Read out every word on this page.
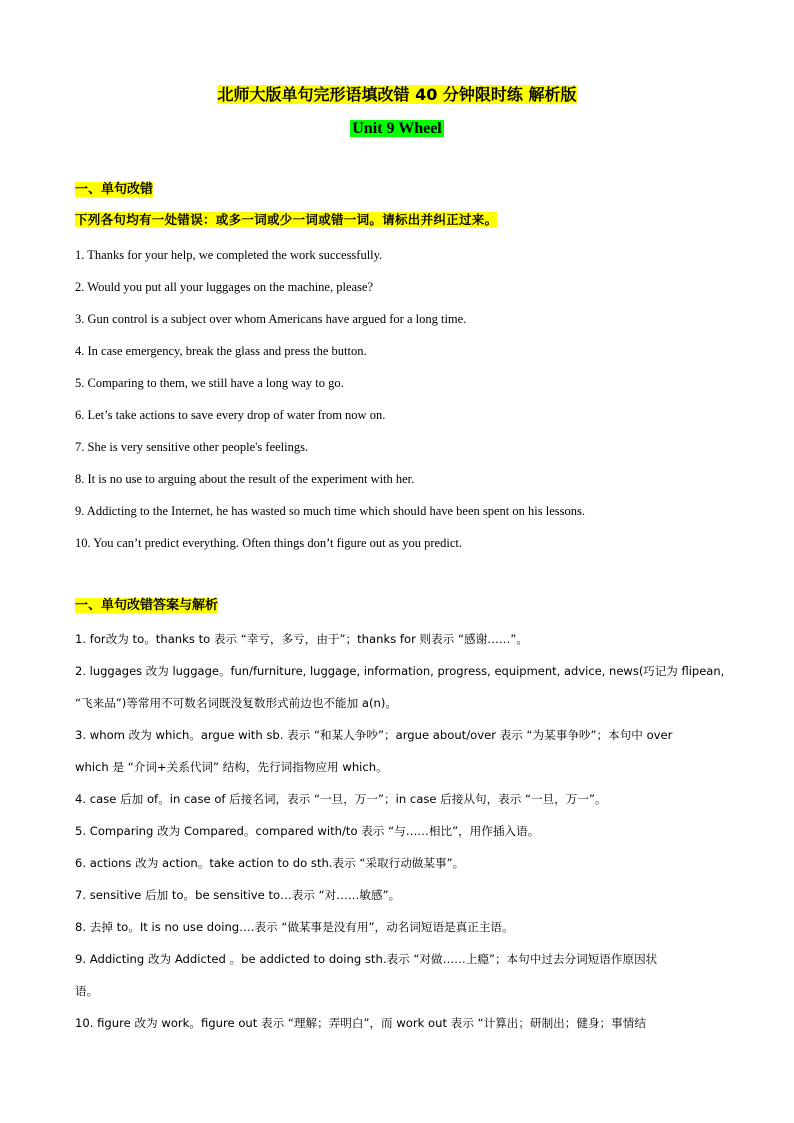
北师大版单句完形语填改错 40 分钟限时练 解析版
Unit 9 Wheel
一、单句改错
下列各句均有一处错误：或多一词或少一词或错一词。请标出并纠正过来。
1. Thanks for your help, we completed the work successfully.
2. Would you put all your luggages on the machine, please?
3. Gun control is a subject over whom Americans have argued for a long time.
4. In case emergency, break the glass and press the button.
5. Comparing to them, we still have a long way to go.
6. Let’s take actions to save every drop of water from now on.
7. She is very sensitive other people's feelings.
8. It is no use to arguing about the result of the experiment with her.
9. Addicting to the Internet, he has wasted so much time which should have been spent on his lessons.
10. You can’t predict everything. Often things don’t figure out as you predict.
一、单句改错答案与解析
1. for改为 to。thanks to 表示 “幸亏，多亏，由于”；thanks for 则表示 “感谢……”。
2. luggages 改为 luggage。fun/furniture, luggage, information, progress, equipment, advice, news(巧记为 flipean,
“飞来品”)等常用不可数名词既没复数形式前边也不能加 a(n)。
3. whom 改为 which。argue with sb. 表示 “和某人争吵”；argue about/over 表示 “为某事争吵”；本句中 over
which 是 “介词+关系代词” 结构，先行词指物应用 which。
4. case 后加 of。in case of 后接名词，表示 “一旦，万一”；in case 后接从句，表示 “一旦，万一”。
5. Comparing 改为 Compared。compared with/to 表示 “与……相比”，用作插入语。
6. actions 改为 action。take action to do sth.表示 “采取行动做某事”。
7. sensitive 后加 to。be sensitive to…表示 “对……敏感”。
8. 去掉 to。It is no use doing….表示 “做某事是没有用”，动名词短语是真正主语。
9. Addicting 改为 Addicted 。be addicted to doing sth.表示 “对做……上瘾”；本句中过去分词短语作原因状
语。
10. figure 改为 work。figure out 表示 “理解；弄明白”，而 work out 表示 “计算出；研制出；健身；事情结
